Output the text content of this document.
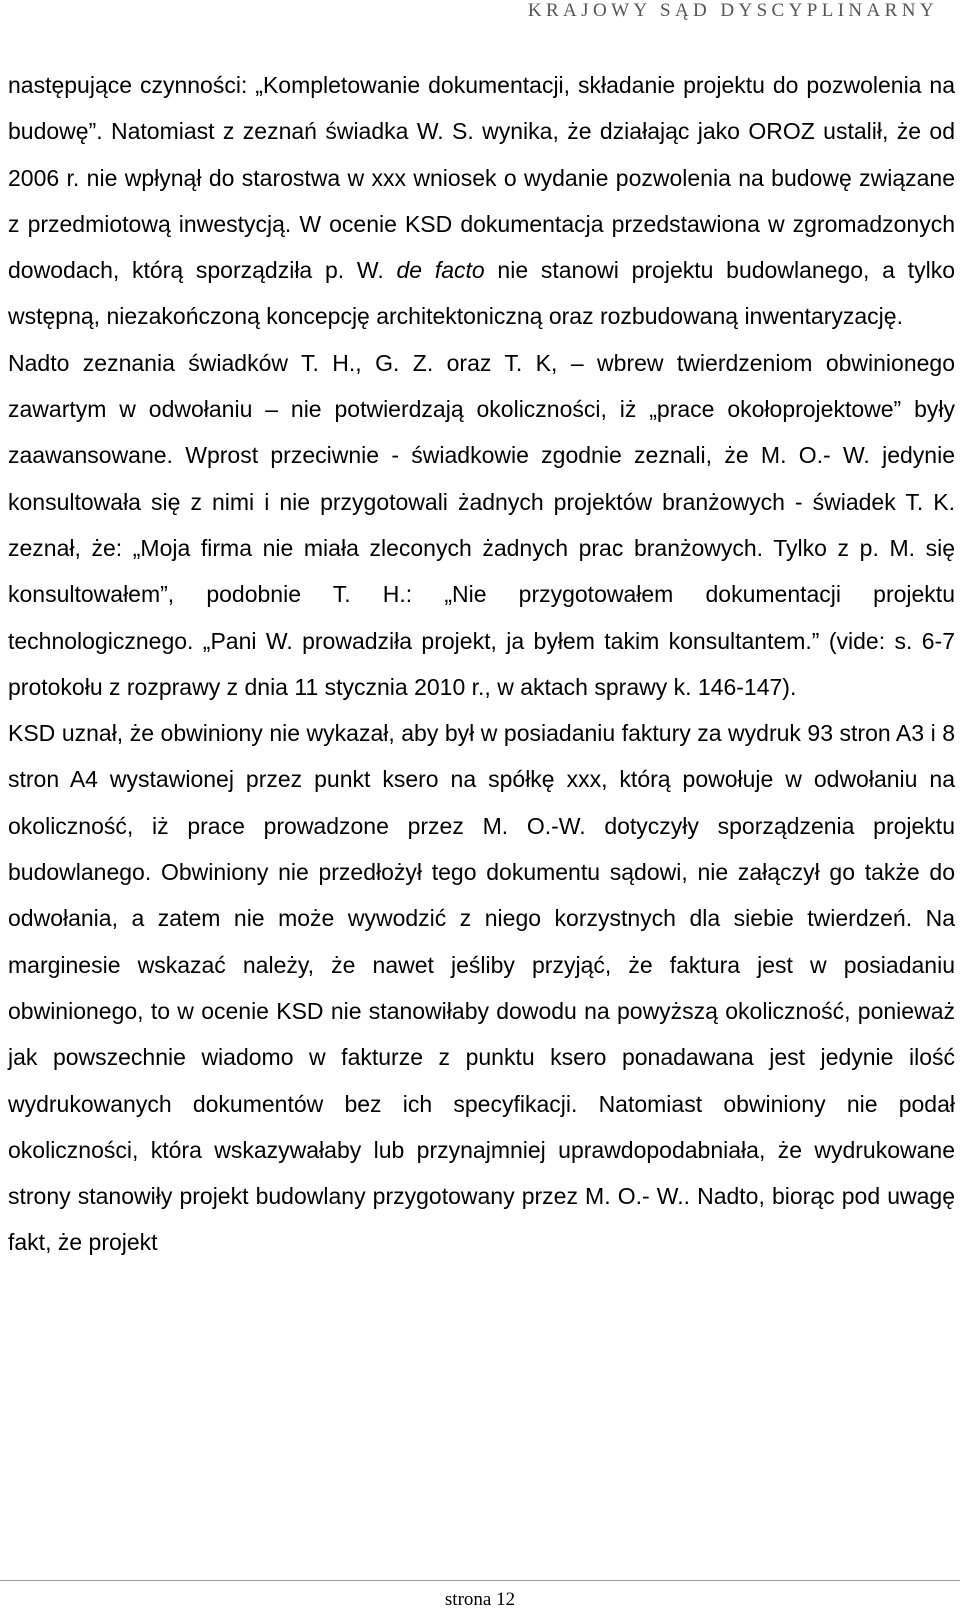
KRAJOWY SĄD DYSCYPLINARNY

następujące czynności: „Kompletowanie dokumentacji, składanie projektu do pozwolenia na budowę”. Natomiast z zeznań świadka W. S. wynika, że działając jako OROZ ustalił, że od 2006 r. nie wpłynął do starostwa w xxx wniosek o wydanie pozwolenia na budowę związane z przedmiotową inwestycją. W ocenie KSD dokumentacja przedstawiona w zgromadzonych dowodach, którą sporządziła p. W. de facto nie stanowi projektu budowlanego, a tylko wstępną, niezakończoną koncepcję architektoniczną oraz rozbudowaną inwentaryzację.

Nadto zeznania świadków T. H., G. Z. oraz T. K, – wbrew twierdzeniom obwinionego zawartym w odwołaniu – nie potwierdzają okoliczności, iż „prace okołoprojektowe” były zaawansowane. Wprost przeciwnie - świadkowie zgodnie zeznali, że M. O.- W. jedynie konsultowała się z nimi i nie przygotowali żadnych projektów branżowych - świadek T. K. zeznał, że: „Moja firma nie miała zleconych żadnych prac branżowych. Tylko z p. M. się konsultowałem”, podobnie T. H.: „Nie przygotowałem dokumentacji projektu technologicznego. „Pani W. prowadziła projekt, ja byłem takim konsultantem.” (vide: s. 6-7 protokołu z rozprawy z dnia 11 stycznia 2010 r., w aktach sprawy k. 146-147).

KSD uznał, że obwiniony nie wykazał, aby był w posiadaniu faktury za wydruk 93 stron A3 i 8 stron A4 wystawionej przez punkt ksero na spółkę xxx, którą powołuje w odwołaniu na okoliczność, iż prace prowadzone przez M. O.-W. dotyczyły sporządzenia projektu budowlanego. Obwiniony nie przedłożył tego dokumentu sądowi, nie załączył go także do odwołania, a zatem nie może wywodzić z niego korzystnych dla siebie twierdzeń. Na marginesie wskazać należy, że nawet jeśliby przyjąć, że faktura jest w posiadaniu obwinionego, to w ocenie KSD nie stanowiłaby dowodu na powyższą okoliczność, ponieważ jak powszechnie wiadomo w fakturze z punktu ksero ponadawana jest jedynie ilość wydrukowanych dokumentów bez ich specyfikacji. Natomiast obwiniony nie podał okoliczności, która wskazywałaby lub przynajmniej uprawdopodabniała, że wydrukowane strony stanowiły projekt budowlany przygotowany przez M. O.- W.. Nadto, biorąc pod uwagę fakt, że projekt

strona 12
